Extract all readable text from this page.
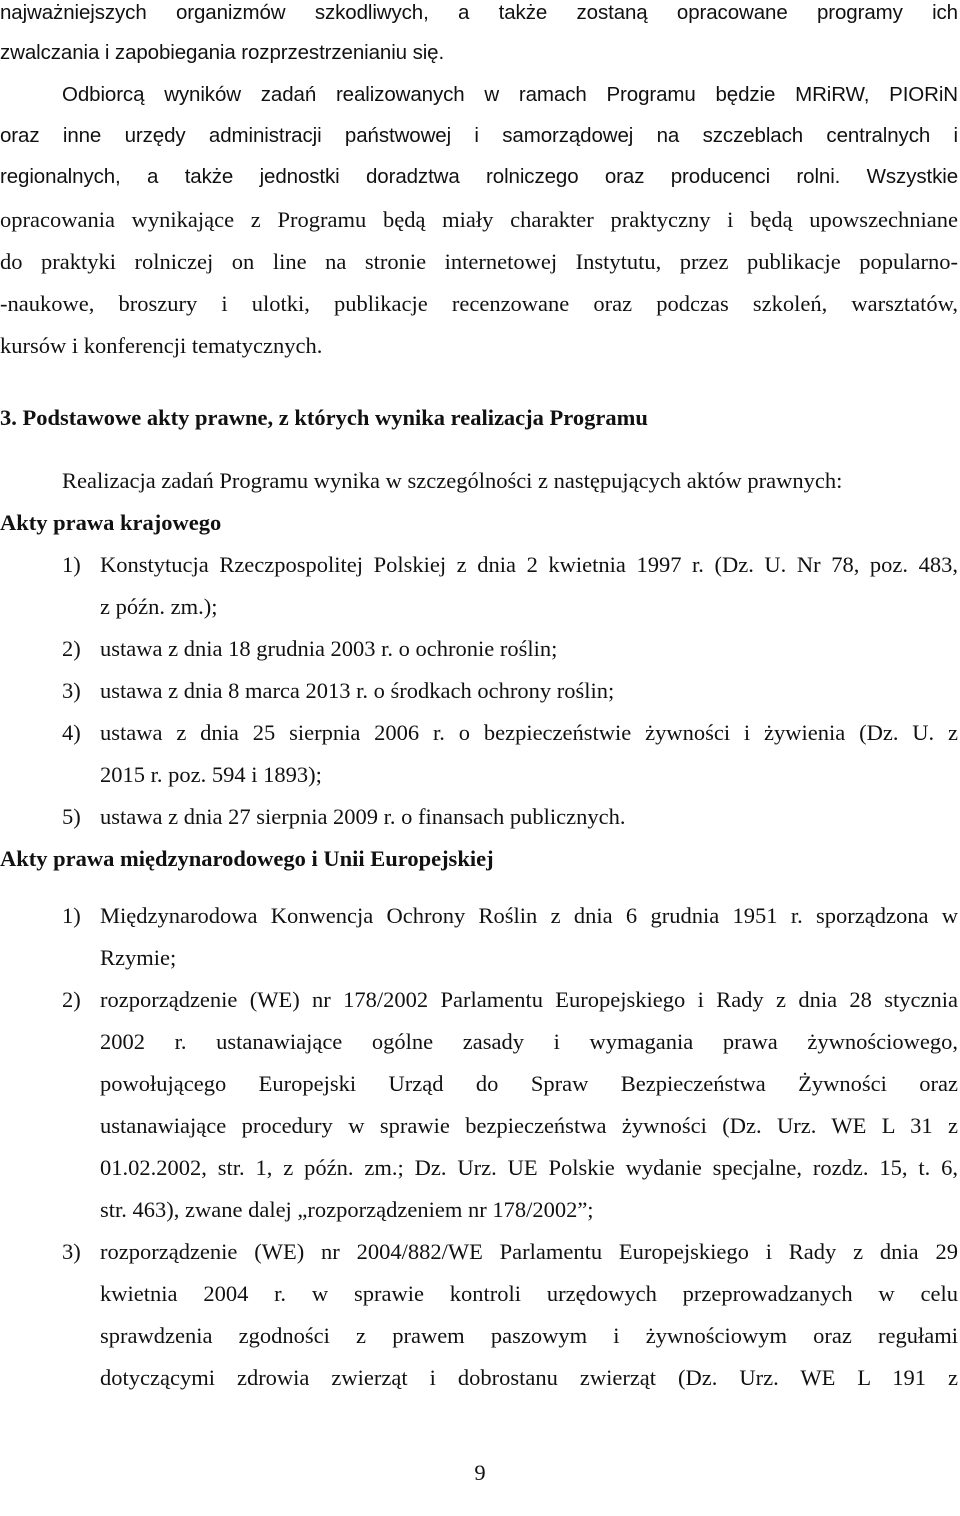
najważniejszych organizmów szkodliwych, a także zostaną opracowane programy ich
zwalczania i zapobiegania rozprzestrzenianiu się.
Odbiorcą wyników zadań realizowanych w ramach Programu będzie MRiRW, PIORiN
oraz inne urzędy administracji państwowej i samorządowej na szczeblach centralnych i
regionalnych, a także jednostki doradztwa rolniczego oraz producenci rolni. Wszystkie
opracowania wynikające z Programu będą miały charakter praktyczny i będą upowszechniane
do praktyki rolniczej on line na stronie internetowej Instytutu, przez publikacje popularno-
-naukowe, broszury i ulotki, publikacje recenzowane oraz podczas szkoleń, warsztatów,
kursów i konferencji tematycznych.
3. Podstawowe akty prawne, z których wynika realizacja Programu
Realizacja zadań Programu wynika w szczególności z następujących aktów prawnych:
Akty prawa krajowego
1) Konstytucja Rzeczpospolitej Polskiej z dnia 2 kwietnia 1997 r. (Dz. U. Nr 78, poz. 483,
z późn. zm.);
2) ustawa z dnia 18 grudnia 2003 r. o ochronie roślin;
3) ustawa z dnia 8 marca 2013 r. o środkach ochrony roślin;
4) ustawa z dnia 25 sierpnia 2006 r. o bezpieczeństwie żywności i żywienia (Dz. U. z
2015 r. poz. 594 i 1893);
5) ustawa z dnia 27 sierpnia 2009 r. o finansach publicznych.
Akty prawa międzynarodowego i Unii Europejskiej
1) Międzynarodowa Konwencja Ochrony Roślin z dnia 6 grudnia 1951 r. sporządzona w
Rzymie;
2) rozporządzenie (WE) nr 178/2002 Parlamentu Europejskiego i Rady z dnia 28 stycznia
2002 r. ustanawiające ogólne zasady i wymagania prawa żywnościowego,
powołującego Europejski Urząd do Spraw Bezpieczeństwa Żywności oraz
ustanawiające procedury w sprawie bezpieczeństwa żywności (Dz. Urz. WE L 31 z
01.02.2002, str. 1, z późn. zm.; Dz. Urz. UE Polskie wydanie specjalne, rozdz. 15, t. 6,
str. 463), zwane dalej „rozporządzeniem nr 178/2002”;
3) rozporządzenie (WE) nr 2004/882/WE Parlamentu Europejskiego i Rady z dnia 29
kwietnia 2004 r. w sprawie kontroli urzędowych przeprowadzanych w celu
sprawdzenia zgodności z prawem paszowym i żywnościowym oraz regułami
dotyczącymi zdrowia zwierząt i dobrostanu zwierząt (Dz. Urz. WE L 191 z
9
